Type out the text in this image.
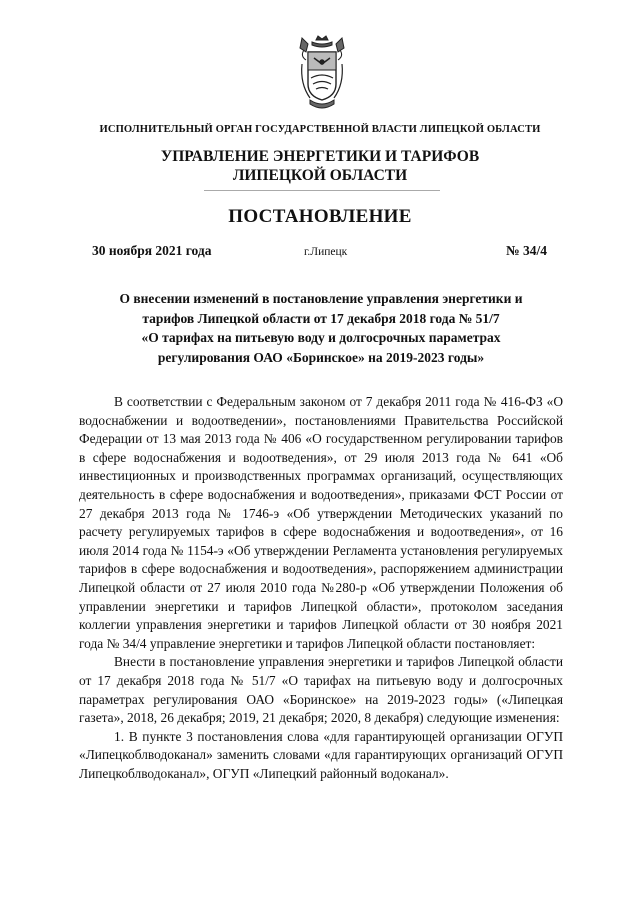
ИСПОЛНИТЕЛЬНЫЙ ОРГАН ГОСУДАРСТВЕННОЙ ВЛАСТИ ЛИПЕЦКОЙ ОБЛАСТИ
УПРАВЛЕНИЕ ЭНЕРГЕТИКИ И ТАРИФОВ
ЛИПЕЦКОЙ ОБЛАСТИ
ПОСТАНОВЛЕНИЕ
30 ноября 2021 года	г.Липецк	№ 34/4
О внесении изменений в постановление управления энергетики и
тарифов Липецкой области от 17 декабря 2018 года № 51/7
«О тарифах на питьевую воду и долгосрочных параметрах
регулирования ОАО «Боринское» на 2019-2023 годы»

В соответствии с Федеральным законом от 7 декабря 2011 года № 416-ФЗ «О водоснабжении и водоотведении», постановлениями Правительства Российской Федерации от 13 мая 2013 года № 406 «О государственном регулировании тарифов в сфере водоснабжения и водоотведения», от 29 июля 2013 года № 641 «Об инвестиционных и производственных программах организаций, осуществляющих деятельность в сфере водоснабжения и водоотведения», приказами ФСТ России от 27 декабря 2013 года № 1746-э «Об утверждении Методических указаний по расчету регулируемых тарифов в сфере водоснабжения и водоотведения», от 16 июля 2014 года № 1154-э «Об утверждении Регламента установления регулируемых тарифов в сфере водоснабжения и водоотведения», распоряжением администрации Липецкой области от 27 июля 2010 года №280-р «Об утверждении Положения об управлении энергетики и тарифов Липецкой области», протоколом заседания коллегии управления энергетики и тарифов Липецкой области от 30 ноября 2021 года № 34/4 управление энергетики и тарифов Липецкой области постановляет:

Внести в постановление управления энергетики и тарифов Липецкой области от 17 декабря 2018 года № 51/7 «О тарифах на питьевую воду и долгосрочных параметрах регулирования ОАО «Боринское» на 2019-2023 годы» («Липецкая газета», 2018, 26 декабря; 2019, 21 декабря; 2020, 8 декабря) следующие изменения:

1. В пункте 3 постановления слова «для гарантирующей организации ОГУП «Липецкоблводоканал» заменить словами «для гарантирующих организаций ОГУП Липецкоблводоканал», ОГУП «Липецкий районный водоканал».
